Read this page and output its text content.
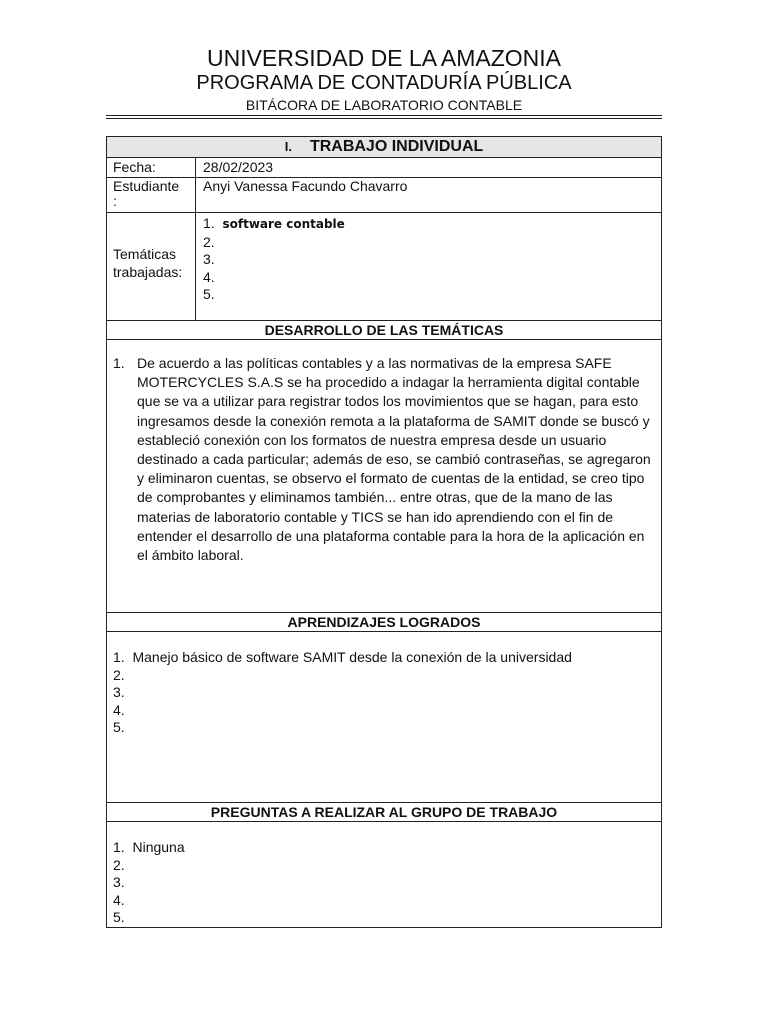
UNIVERSIDAD DE LA AMAZONIA
PROGRAMA DE CONTADURÍA PÚBLICA
BITÁCORA DE LABORATORIO CONTABLE
I. TRABAJO INDIVIDUAL
Fecha:	28/02/2023
Estudiante
:
Anyi Vanessa Facundo Chavarro
Temáticas
trabajadas:
1. software contable
2.
3.
4.
5.
DESARROLLO DE LAS TEMÁTICAS
1. De acuerdo a las políticas contables y a las normativas de la empresa SAFE MOTERCYCLES S.A.S se ha procedido a indagar la herramienta digital contable que se va a utilizar para registrar todos los movimientos que se hagan, para esto ingresamos desde la conexión remota a la plataforma de SAMIT donde se buscó y estableció conexión con los formatos de nuestra empresa desde un usuario destinado a cada particular; además de eso, se cambió contraseñas, se agregaron y eliminaron cuentas, se observo el formato de cuentas de la entidad, se creo tipo de comprobantes y eliminamos también... entre otras, que de la mano de las materias de laboratorio contable y TICS se han ido aprendiendo con el fin de entender el desarrollo de una plataforma contable para la hora de la aplicación en el ámbito laboral.
APRENDIZAJES LOGRADOS
1. Manejo básico de software SAMIT desde la conexión de la universidad
2.
3.
4.
5.
PREGUNTAS A REALIZAR AL GRUPO DE TRABAJO
1. Ninguna
2.
3.
4.
5.
